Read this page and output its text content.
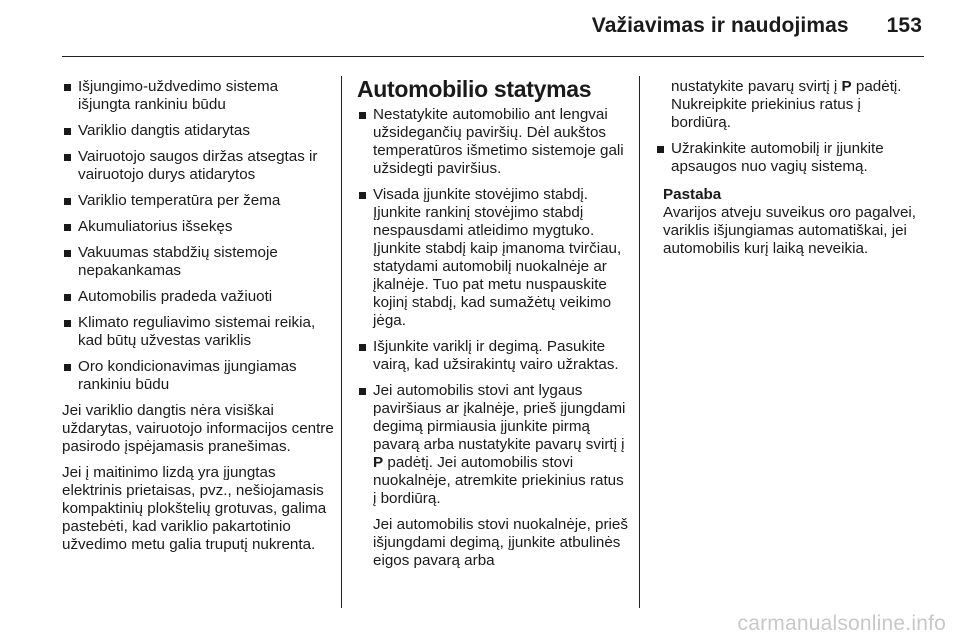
Važiavimas ir naudojimas 153
Išjungimo-uždvedimo sistema išjungta rankiniu būdu
Variklio dangtis atidarytas
Vairuotojo saugos diržas atsegtas ir vairuotojo durys atidarytos
Variklio temperatūra per žema
Akumuliatorius išsekęs
Vakuumas stabdžių sistemoje nepakankamas
Automobilis pradeda važiuoti
Klimato reguliavimo sistemai reikia, kad būtų užvestas variklis
Oro kondicionavimas įjungiamas rankiniu būdu

Jei variklio dangtis nėra visiškai uždarytas, vairuotojo informacijos centre pasirodo įspėjamasis pranešimas.

Jei į maitinimo lizdą yra įjungtas elektrinis prietaisas, pvz., nešiojamasis kompaktinių plokštelių grotuvas, galima pastebėti, kad variklio pakartotinio užvedimo metu galia truputį nukrenta.

Automobilio statymas
Nestatykite automobilio ant lengvai užsidegančių paviršių. Dėl aukštos temperatūros išmetimo sistemoje gali užsidegti paviršius.
Visada įjunkite stovėjimo stabdį. Įjunkite rankinį stovėjimo stabdį nespausdami atleidimo mygtuko. Įjunkite stabdį kaip įmanoma tvirčiau, statydami automobilį nuokalnėje ar įkalnėje. Tuo pat metu nuspauskite kojinį stabdį, kad sumažėtų veikimo jėga.
Išjunkite variklį ir degimą. Pasukite vairą, kad užsirakintų vairo užraktas.
Jei automobilis stovi ant lygaus paviršiaus ar įkalnėje, prieš įjungdami degimą pirmiausia įjunkite pirmą pavarą arba nustatykite pavarų svirtį į P padėtį. Jei automobilis stovi nuokalnėje, atremkite priekinius ratus į bordiūrą.
Jei automobilis stovi nuokalnėje, prieš išjungdami degimą, įjunkite atbulinės eigos pavarą arba
nustatykite pavarų svirtį į P padėtį. Nukreipkite priekinius ratus į bordiūrą.
Užrakinkite automobilį ir įjunkite apsaugos nuo vagių sistemą.
Pastaba
Avarijos atveju suveikus oro pagalvei, variklis išjungiamas automatiškai, jei automobilis kurį laiką neveikia.
carmanualsonline.info
